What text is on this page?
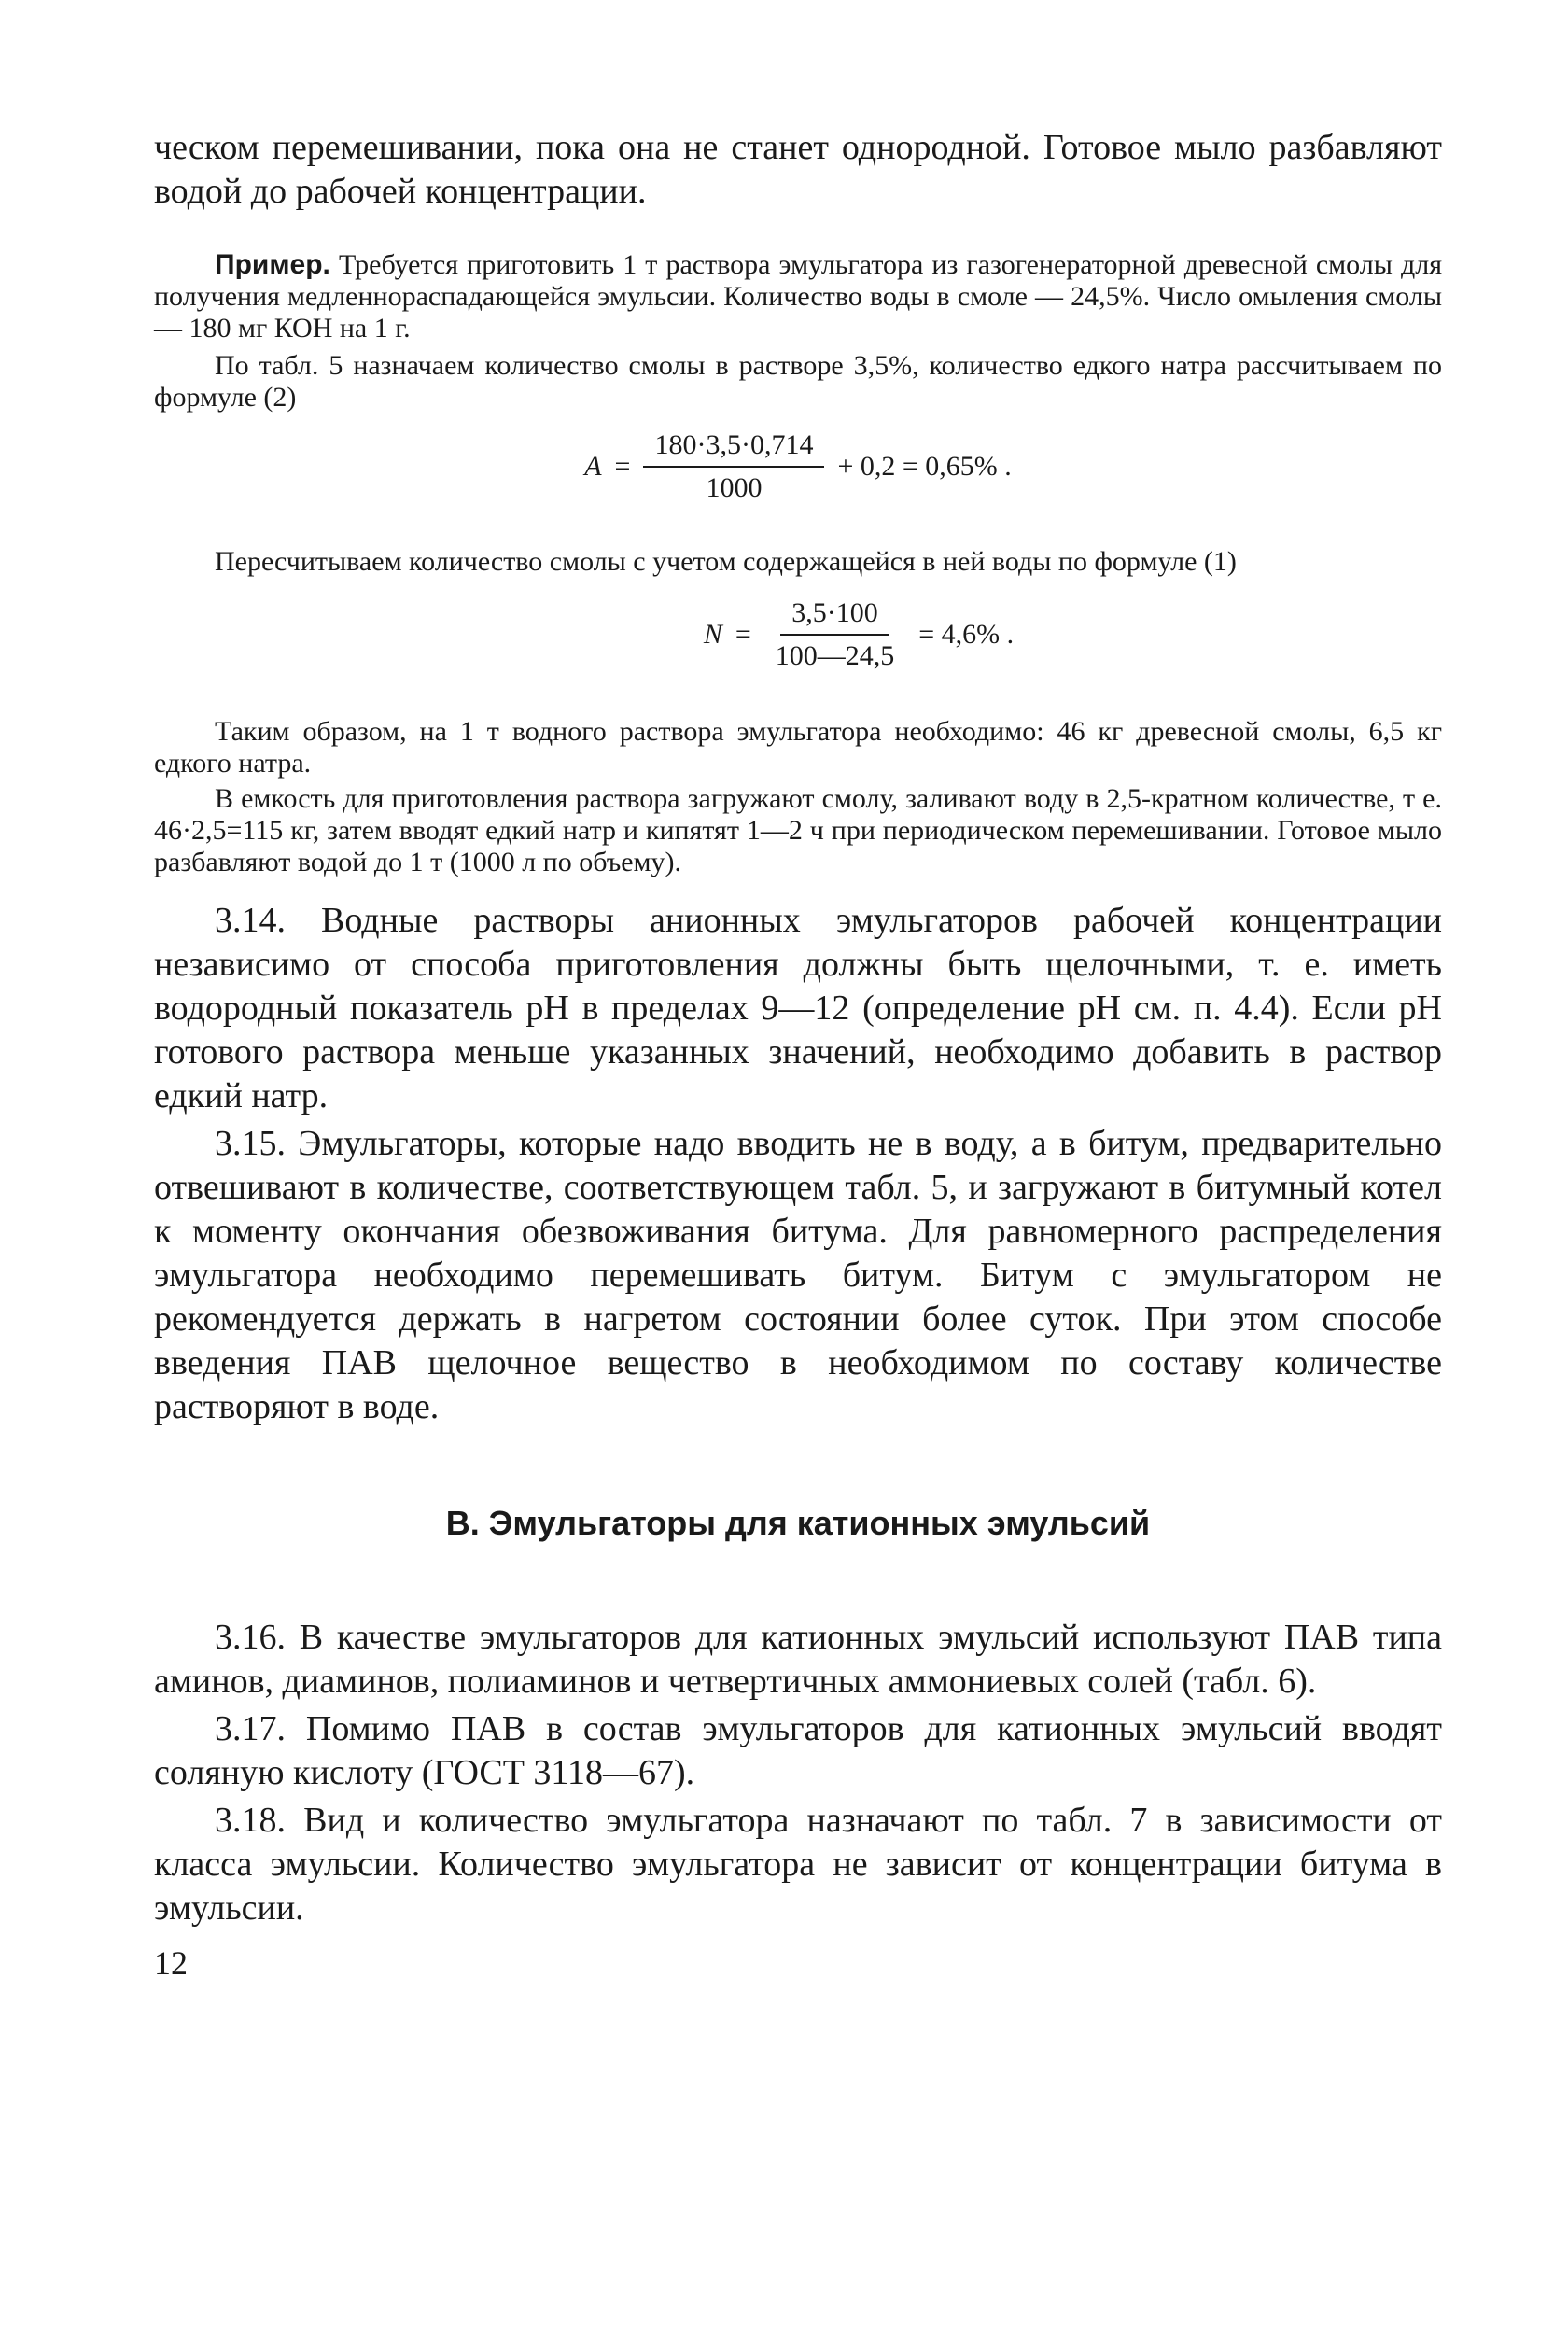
ческом перемешивании, пока она не станет однородной. Готовое мыло разбавляют водой до рабочей концентрации.

Пример. Требуется приготовить 1 т раствора эмульгатора из газогенераторной древесной смолы для получения медленнораспадающейся эмульсии. Количество воды в смоле — 24,5%. Число омыления смолы — 180 мг КОН на 1 г.

По табл. 5 назначаем количество смолы в растворе 3,5%, количество едкого натра рассчитываем по формуле (2)

$A = \frac{180\cdot 3,5\cdot 0,714}{1000} + 0,2 = 0,65\%$ .

Пересчитываем количество смолы с учетом содержащейся в ней воды по формуле (1)

$N = \frac{3,5\cdot 100}{100—24,5} = 4,6\%$ .

Таким образом, на 1 т водного раствора эмульгатора необходимо: 46 кг древесной смолы, 6,5 кг едкого натра.

В емкость для приготовления раствора загружают смолу, заливают воду в 2,5-кратном количестве, т е. 46·2,5=115 кг, затем вводят едкий натр и кипятят 1—2 ч при периодическом перемешивании. Готовое мыло разбавляют водой до 1 т (1000 л по объему).

3.14. Водные растворы анионных эмульгаторов рабочей концентрации независимо от способа приготовления должны быть щелочными, т. е. иметь водородный показатель pH в пределах 9—12 (определение pH см. п. 4.4). Если pH готового раствора меньше указанных значений, необходимо добавить в раствор едкий натр.

3.15. Эмульгаторы, которые надо вводить не в воду, а в битум, предварительно отвешивают в количестве, соответствующем табл. 5, и загружают в битумный котел к моменту окончания обезвоживания битума. Для равномерного распределения эмульгатора необходимо перемешивать битум. Битум с эмульгатором не рекомендуется держать в нагретом состоянии более суток. При этом способе введения ПАВ щелочное вещество в необходимом по составу количестве растворяют в воде.

В. Эмульгаторы для катионных эмульсий

3.16. В качестве эмульгаторов для катионных эмульсий используют ПАВ типа аминов, диаминов, полиаминов и четвертичных аммониевых солей (табл. 6).

3.17. Помимо ПАВ в состав эмульгаторов для катионных эмульсий вводят соляную кислоту (ГОСТ 3118—67).

3.18. Вид и количество эмульгатора назначают по табл. 7 в зависимости от класса эмульсии. Количество эмульгатора не зависит от концентрации битума в эмульсии.

12
